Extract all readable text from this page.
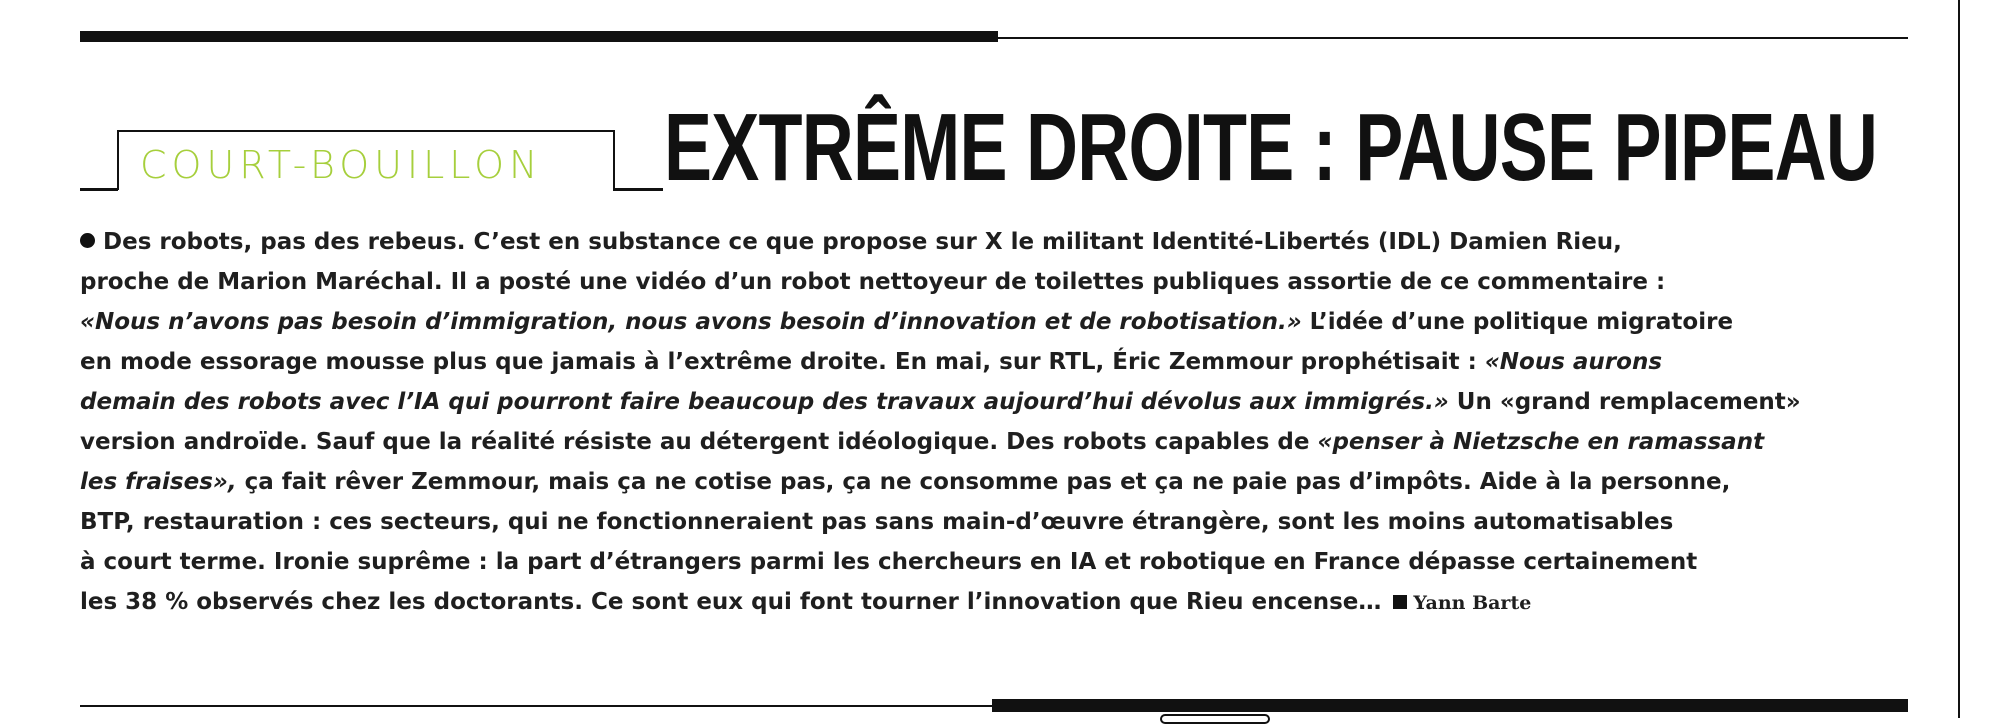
COURT-BOUILLON EXTRÊME DROITE : PAUSE PIPEAU
Des robots, pas des rebeus. C’est en substance ce que propose sur X le militant Identité-Libertés (IDL) Damien Rieu,
proche de Marion Maréchal. Il a posté une vidéo d’un robot nettoyeur de toilettes publiques assortie de ce commentaire :
«Nous n’avons pas besoin d’immigration, nous avons besoin d’innovation et de robotisation.» L’idée d’une politique migratoire
en mode essorage mousse plus que jamais à l’extrême droite. En mai, sur RTL, Éric Zemmour prophétisait : «Nous aurons
demain des robots avec l’IA qui pourront faire beaucoup des travaux aujourd’hui dévolus aux immigrés.» Un «grand remplacement»
version androïde. Sauf que la réalité résiste au détergent idéologique. Des robots capables de «penser à Nietzsche en ramassant
les fraises», ça fait rêver Zemmour, mais ça ne cotise pas, ça ne consomme pas et ça ne paie pas d’impôts. Aide à la personne,
BTP, restauration : ces secteurs, qui ne fonctionneraient pas sans main-d’œuvre étrangère, sont les moins automatisables
à court terme. Ironie suprême : la part d’étrangers parmi les chercheurs en IA et robotique en France dépasse certainement
les 38 % observés chez les doctorants. Ce sont eux qui font tourner l’innovation que Rieu encense… Yann Barte
